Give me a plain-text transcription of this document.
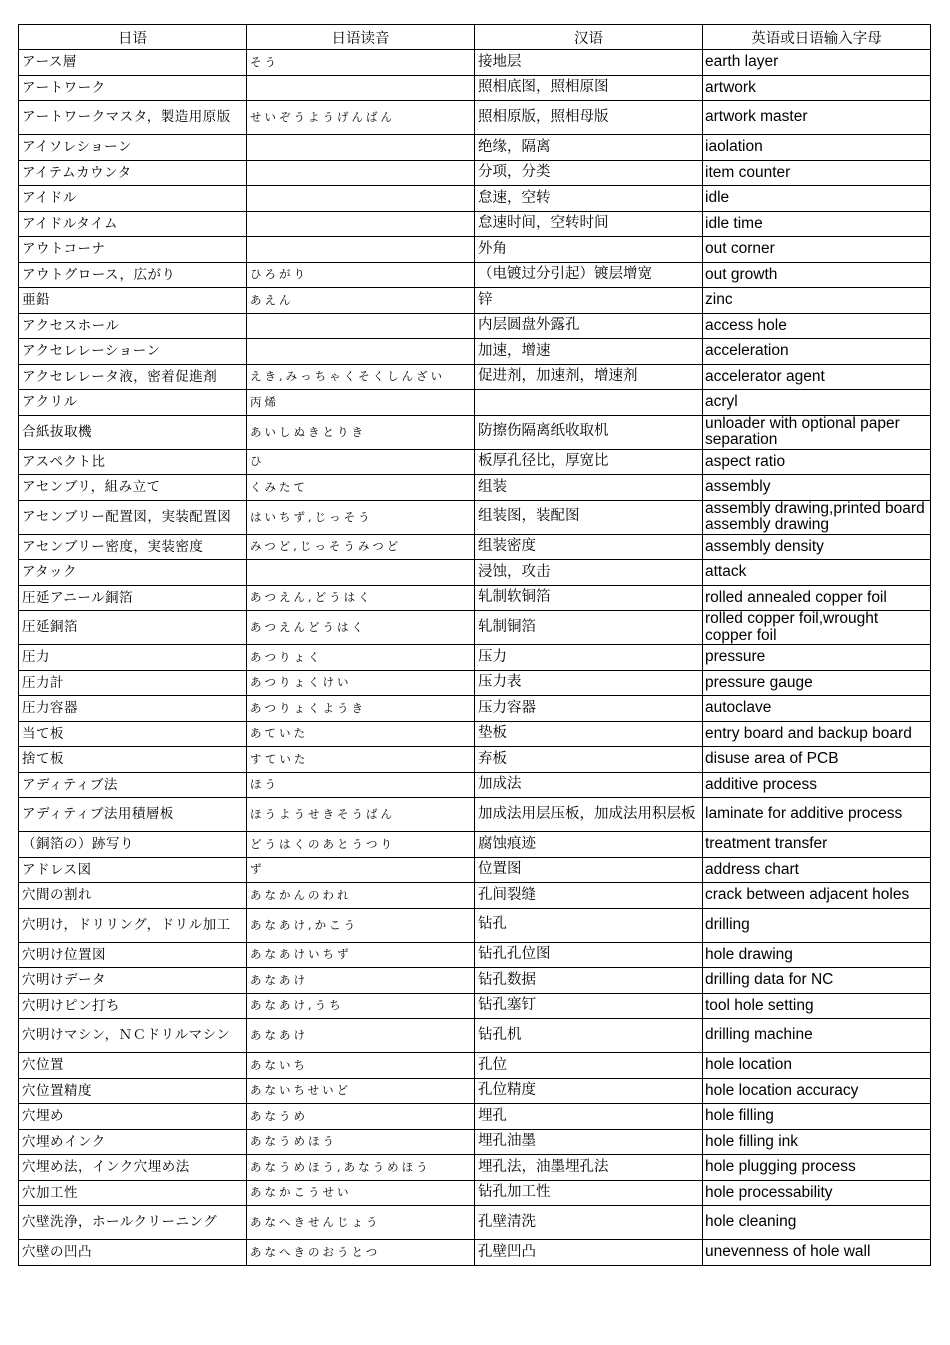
日语	日语读音	汉语	英语或日语输入字母
アース層	そう	接地层	earth layer
アートワーク		照相底图，照相原图	artwork
アートワークマスタ，製造用原版	せいぞうようげんばん	照相原版，照相母版	artwork master
アイソレショーン		绝缘，隔离	iaolation
アイテムカウンタ		分项，分类	item counter
アイドル		怠速，空转	idle
アイドルタイム		怠速时间，空转时间	idle time
アウトコーナ		外角	out corner
アウトグロース，広がり	ひろがり	（电镀过分引起）镀层增宽	out growth
亜鉛	あえん	锌	zinc
アクセスホール		内层圆盘外露孔	access hole
アクセレレーショーン		加速，增速	acceleration
アクセレレータ液，密着促進剤	えき,みっちゃくそくしんざい	促进剂，加速剂，增速剂	accelerator agent
アクリル	丙烯		acryl
合紙抜取機	あいしぬきとりき	防擦伤隔离纸收取机	unloader with optional paper separation
アスペクト比	ひ	板厚孔径比，厚宽比	aspect ratio
アセンブリ，組み立て	くみたて	组装	assembly
アセンブリー配置図，実装配置図	はいちず,じっそう	组装图，装配图	assembly drawing,printed board assembly drawing
アセンブリー密度，実装密度	みつど,じっそうみつど	组装密度	assembly density
アタック		浸蚀，攻击	attack
圧延アニール銅箔	あつえん,どうはく	轧制软铜箔	rolled annealed copper foil
圧延銅箔	あつえんどうはく	轧制铜箔	rolled copper foil,wrought copper foil
圧力	あつりょく	压力	pressure
圧力計	あつりょくけい	压力表	pressure gauge
圧力容器	あつりょくようき	压力容器	autoclave
当て板	あていた	垫板	entry board and backup board
捨て板	すていた	弃板	disuse area of PCB
アディティブ法	ほう	加成法	additive process
アディティブ法用積層板	ほうようせきそうばん	加成法用层压板，加成法用积层板	laminate for additive process
（銅箔の）跡写り	どうはくのあとうつり	腐蚀痕迹	treatment transfer
アドレス図	ず	位置图	address chart
穴間の割れ	あなかんのわれ	孔间裂缝	crack between adjacent holes
穴明け，ドリリング，ドリル加工	あなあけ,かこう	钻孔	drilling
穴明け位置図	あなあけいちず	钻孔孔位图	hole drawing
穴明けデータ	あなあけ	钻孔数据	drilling data for NC
穴明けピン打ち	あなあけ,うち	钻孔塞钉	tool hole setting
穴明けマシン，ＮＣドリルマシン	あなあけ	钻孔机	drilling machine
穴位置	あないち	孔位	hole location
穴位置精度	あないちせいど	孔位精度	hole location accuracy
穴埋め	あなうめ	埋孔	hole filling
穴埋めインク	あなうめほう	埋孔油墨	hole filling ink
穴埋め法，インク穴埋め法	あなうめほう,あなうめほう	埋孔法，油墨埋孔法	hole plugging process
穴加工性	あなかこうせい	钻孔加工性	hole processability
穴壁洗浄，ホールクリーニング	あなへきせんじょう	孔壁清洗	hole cleaning
穴壁の凹凸	あなへきのおうとつ	孔壁凹凸	unevenness of hole wall
